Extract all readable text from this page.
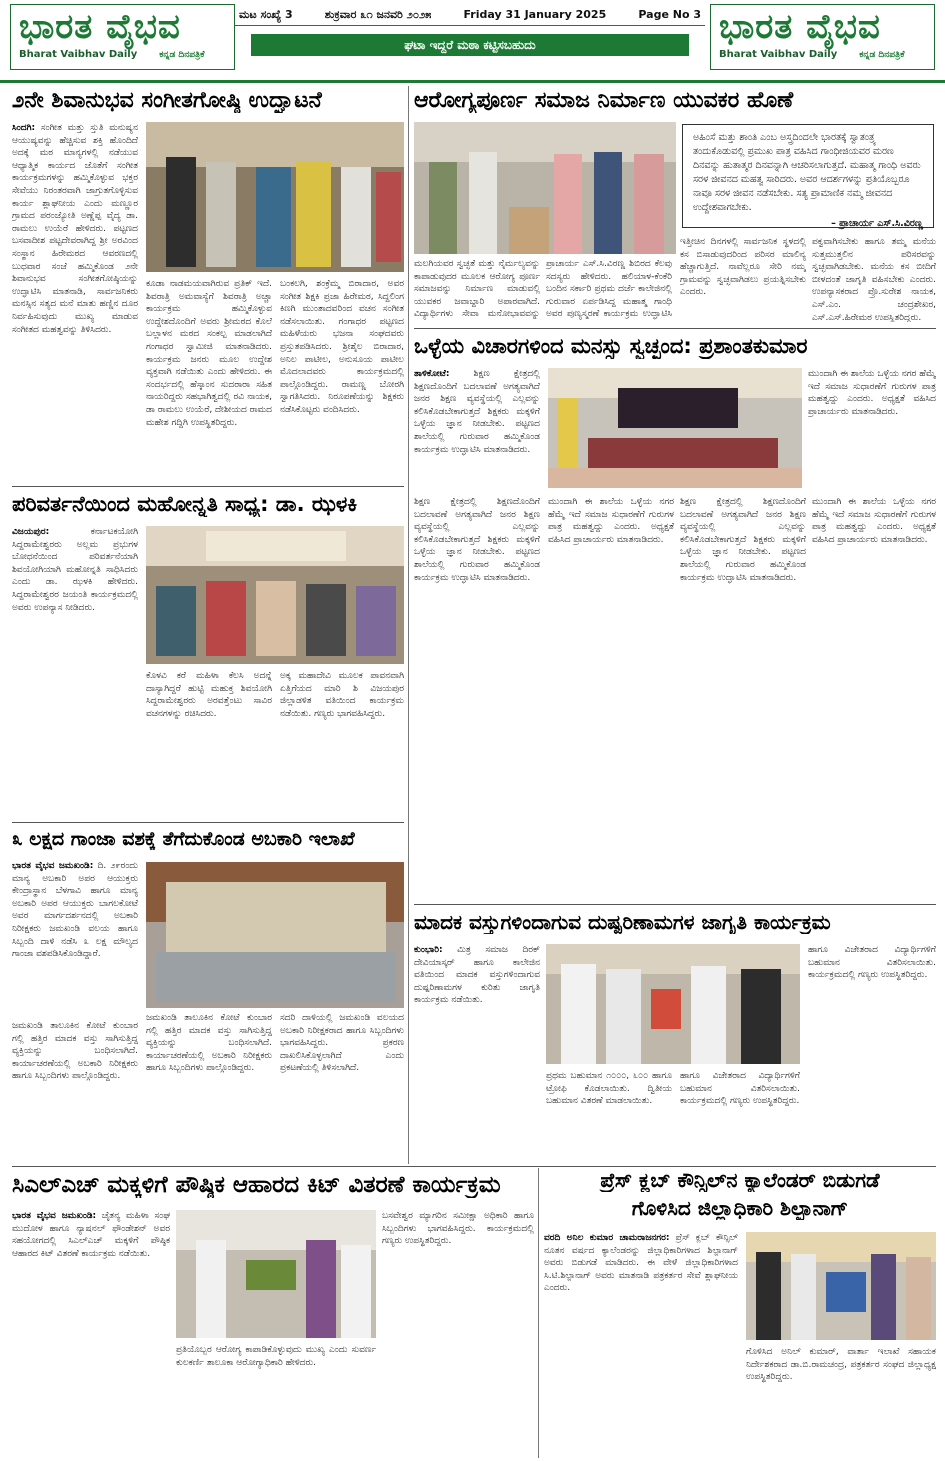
ಭಾರತ ವೈಭವ
Bharat Vaibhav Daily ಕನ್ನಡ ದಿನಪತ್ರಿಕೆ
ಮಟ ಸಂಖ್ಯೆ 3	ಶುಕ್ರವಾರ ೩೧ ಜನವರಿ ೨೦೨೫	Friday 31 January 2025	Page No 3
ಘಟಾ ಇದ್ದರೆ ಮಠಾ ಕಟ್ಟಿಸಬಹುದು	ಭಾರತ ವೈಭವ
Bharat Vaibhav Daily ಕನ್ನಡ ದಿನಪತ್ರಿಕೆ
೨ನೇ ಶಿವಾನುಭವ ಸಂಗೀತಗೋಷ್ಠಿ ಉದ್ಘಾಟನೆ
ಸಿಂದಗಿ: ಸಂಗೀತ ಮತ್ತು ಸ್ತುತಿ ಮನುಷ್ಯನ ಆಯುಷ್ಯವನ್ನು ಹೆಚ್ಚಿಸುವ ಶಕ್ತಿ ಹೊಂದಿದೆ ಅದಕ್ಕೆ ಮಠ ಮಾನ್ಯಗಳಲ್ಲಿ ನಡೆಯುವ ಆಧ್ಯಾತ್ಮಿಕ ಕಾರ್ಯದ ಜೊತೆಗೆ ಸಂಗೀತ ಕಾರ್ಯಕ್ರಮಗಳನ್ನು ಹಮ್ಮಿಕೊಳ್ಳುವ ಭಕ್ತರ ಸೇವೆಯು ನಿರಂತರವಾಗಿ ಜಾಗ್ರುತಗೊಳ್ಳಿಸುವ ಕಾರ್ಯ ಶ್ಲಾಘನೀಯ ಎಂದು ಮಣ್ಣೂರ ಗ್ರಾಮದ ಪರಂಜ್ಯೋತಿ ಅಣ್ಣೆಪ್ಪ ವೈದ್ಯ ಡಾ. ರಾಮಲು ಉಯೆರೆ ಹೇಳಿದರು. ಪಟ್ಟಣದ ಬಸವಾದೀಶ ಪಟ್ಟದೇವರಾಗಿದ್ದ ಶ್ರೀ ಅರವಿಂದ ಸಂಸ್ಥಾನ ಹಿರೇಮಠದ ಆವರಣದಲ್ಲಿ ಬುಧವಾರ ಸಂಜೆ ಹಮ್ಮಿಕೊಂಡ ೨ನೇ ಶಿವಾನುಭವ ಸಂಗೀತಗೋಷ್ಠಿಯನ್ನು ಉದ್ಘಾಟಿಸಿ ಮಾತನಾಡಿ, ಸಾರ್ವಜನಿಕರು ಮನಸ್ಸಿನ ಸತ್ಯದ ಮನೆ ಮಾತು ಹಣ್ಣಿನ ದೂರ ನಿರ್ವಹಿಸುವುದು ಮುಖ್ಯ ಮಾಡುವ ಸಂಗೀತದ ಮಹತ್ವವನ್ನು ತಿಳಿಸಿದರು.
ಕೂಡಾ ನಾಡಮಯವಾಗಿರುವ ಪ್ರತಿಕ್ ಇದೆ. ಶಿವರಾತ್ರಿ ಅಮವಾಸ್ಯೆಗೆ ಶಿವರಾತ್ರಿ ಅಚ್ಚಾ ಕಾರ್ಯಕ್ರಮ ಹಮ್ಮಿಕೊಳ್ಳುವ ಉದ್ದೇಶದೊಂದಿಗೆ ಅವರು ಶ್ರೀಮಠದ ಕೊಲೆ ಬಲ್ಲಾಳನ ಮಠದ ಸಂಕಲ್ಪ ಮಾಡಲಾಗಿದೆ ಗಂಗಾಧರ ಸ್ವಾಮೀಜಿ ಮಾತನಾಡಿದರು. ಕಾರ್ಯಕ್ರಮ ಜನರು ಮೂಲ ಉದ್ದೇಶ ವ್ಯಕ್ತವಾಗಿ ನಡೆಯಿತು ಎಂದು ಹೇಳಿದರು. ಈ ಸಂದರ್ಭದಲ್ಲಿ ಹೆಸ್ಕಾಂನ ಸುದರಾರಾ ಸಹಿತ ನಾಯರಿದ್ದರು ಸಹಭಾಗಿತ್ವದಲ್ಲಿ ರವಿ ನಾಯಕ, ಡಾ ರಾಮಲು ಉಯೆರೆ, ದೇಶೀಯದ ರಾಮದ ಮಹೇಶ ಗದ್ದಿಗಿ ಉಪಸ್ಥಿತರಿದ್ದರು.
ಬಂಕಲಗಿ, ಶಂಕ್ರೆಮ್ಮ ಬಿರಾದಾರ, ಅವರ ಸಂಗೀತ ಶಿಕ್ಷಕಿ ಪ್ರಜಾ ಹಿರೇಮಠ, ಸಿದ್ದಲಿಂಗ ಕಿಣಗಿ ಮುಂತಾದವರಿಂದ ವಚನ ಸಂಗೀತ ನಡೆಸಲಾಯಿತು. ಗಂಗಾಧರ ಪಟ್ಟಣದ ಮಹಿಳೆಯರು ಭಜನಾ ಸಂಘದವರು ಪ್ರಸ್ತುತಪಡಿಸಿದರು. ಶ್ರೀಶೈಲ ಬಿರಾದಾರ, ಅನಿಲ ಪಾಟೀಲ, ಅನುಸೂಯ ಪಾಟೀಲ ಮೊದಲಾದವರು ಕಾರ್ಯಕ್ರಮದಲ್ಲಿ ಪಾಲ್ಗೊಂಡಿದ್ದರು. ರಾಮಣ್ಣ ಬೋರಗಿ ಸ್ವಾಗತಿಸಿದರು. ನಿರೂಪಣೆಯನ್ನು ಶಿಕ್ಷಕರು ನಡೆಸಿಕೊಟ್ಟರು ವಂದಿಸಿದರು.
ಆರೋಗ್ಯಪೂರ್ಣ ಸಮಾಜ ನಿರ್ಮಾಣ ಯುವಕರ ಹೊಣೆ
ಅಹಿಂಸೆ ಮತ್ತು ಶಾಂತಿ ಎಂಬ ಅಸ್ತ್ರದಿಂದಲೇ ಭಾರತಕ್ಕೆ ಸ್ವಾತಂತ್ರ್ಯ ತಂದುಕೊಡುವಲ್ಲಿ ಪ್ರಮುಖ ಪಾತ್ರ ವಹಿಸಿದ ಗಾಂಧೀಜಿಯವರ ಮರಣ ದಿನವನ್ನು ಹುತಾತ್ಮರ ದಿನವನ್ನಾಗಿ ಆಚರಿಸಲಾಗುತ್ತದೆ. ಮಹಾತ್ಮ ಗಾಂಧಿ ಅವರು ಸರಳ ಜೀವನದ ಮಹತ್ವ ಸಾರಿದರು. ಅವರ ಆದರ್ಶಗಳನ್ನು ಪ್ರತಿಯೊಬ್ಬರೂ ನಾವೂ ಸರಳ ಜೀವನ ನಡೆಸಬೇಕು. ಸತ್ಯ ಪ್ರಾಮಾಣಿಕ ನಮ್ಮ ಜೀವನದ ಉದ್ದೇಶವಾಗಬೇಕು.
– ಪ್ರಾಚಾರ್ಯ ಎಸ್.ಸಿ.ವಿರಣ್ಣ
ಮಲಗಿಯವರ ಸ್ವಚ್ಛತೆ ಮತ್ತು ನೈರ್ಮಲ್ಯವನ್ನು ಕಾಪಾಡುವುದರ ಮೂಲಕ ಆರೋಗ್ಯ ಪೂರ್ಣ ಸಮಾಜವನ್ನು ನಿರ್ಮಾಣ ಮಾಡುವಲ್ಲಿ ಯುವಕರ ಜವಾಬ್ದಾರಿ ಅಪಾರವಾಗಿದೆ. ವಿದ್ಯಾರ್ಥಿಗಳು ಸೇವಾ ಮನೋಭಾವವನ್ನು
ಪ್ರಾಚಾರ್ಯ ಎಸ್.ಸಿ.ವಿರಣ್ಣ ಶಿಬಿರದ ಕೆಲವು ಸದಸ್ಯರು ಹೇಳಿದರು. ಹಲಿಯಾಳ-ಕೆಂಕೆರಿ ಬಂದಿನ ಸರ್ಕಾರಿ ಪ್ರಥಮ ದರ್ಜೆ ಕಾಲೇಜಿನಲ್ಲಿ ಗುರುವಾರ ಏರ್ಪಡಿಸಿದ್ದ ಮಹಾತ್ಮ ಗಾಂಧಿ ಅವರ ಪುಣ್ಯಸ್ಮರಣೆ ಕಾರ್ಯಕ್ರಮ ಉದ್ಘಾಟಿಸಿ
ಇತ್ತೀಚಿನ ದಿನಗಳಲ್ಲಿ ಸಾರ್ವಜನಿಕ ಸ್ಥಳದಲ್ಲಿ ಕಸ ಬಿಸಾಡುವುದರಿಂದ ಪರಿಸರ ಮಾಲಿನ್ಯ ಹೆಚ್ಚಾಗುತ್ತಿದೆ. ನಾವೆಲ್ಲರೂ ಸೇರಿ ನಮ್ಮ ಗ್ರಾಮವನ್ನು ಸ್ವಚ್ಛವಾಗಿಡಲು ಪ್ರಯತ್ನಿಸಬೇಕು ಎಂದರು.
ಪಕ್ವವಾಗಿಸಬೇಕು ಹಾಗೂ ತಮ್ಮ ಮನೆಯ ಸುತ್ತಮುತ್ತಲಿನ ಪರಿಸರವನ್ನು ಸ್ವಚ್ಛವಾಗಿಡಬೇಕು. ಮನೆಯ ಕಸ ಬೀದಿಗೆ ಬೀಳದಂತೆ ಜಾಗೃತಿ ವಹಿಸಬೇಕು ಎಂದರು. ಉಪನ್ಯಾಸಕರಾದ ಪ್ರೊ.ಸುರೇಶ ನಾಯಕ, ಎಸ್.ಎಂ. ಚಂದ್ರಶೇಖರ, ಎಸ್.ಎಸ್.ಹಿರೇಮಠ ಉಪಸ್ಥಿತರಿದ್ದರು.
ಒಳ್ಳೆಯ ವಿಚಾರಗಳಿಂದ ಮನಸ್ಸು ಸ್ವಚ್ಛಂದ: ಪ್ರಶಾಂತಕುಮಾರ
ತಾಳಿಕೋಟೆ:	ಶಿಕ್ಷಣ ಕ್ಷೇತ್ರದಲ್ಲಿ ಶಿಕ್ಷಣದೊಂದಿಗೆ ಬದಲಾವಣೆ ಅಗತ್ಯವಾಗಿದೆ ಜನರ ಶಿಕ್ಷಣ ವ್ಯವಸ್ಥೆಯಲ್ಲಿ ಎಲ್ಲವನ್ನು ಕಲಿಸಿಕೊಡಬೇಕಾಗುತ್ತದೆ ಶಿಕ್ಷಕರು ಮಕ್ಕಳಿಗೆ ಒಳ್ಳೆಯ ಜ್ಞಾನ ನೀಡಬೇಕು. ಪಟ್ಟಣದ ಶಾಲೆಯಲ್ಲಿ ಗುರುವಾರ ಹಮ್ಮಿಕೊಂಡ ಕಾರ್ಯಕ್ರಮ ಉದ್ಘಾಟಿಸಿ ಮಾತನಾಡಿದರು.
ಮುಂದಾಗಿ ಈ ಶಾಲೆಯ ಒಳ್ಳೆಯ ನಗರ ಹೆಮ್ಮೆ ಇದೆ ಸಮಾಜ ಸುಧಾರಣೆಗೆ ಗುರುಗಳ ಪಾತ್ರ ಮಹತ್ವದ್ದು ಎಂದರು. ಅಧ್ಯಕ್ಷತೆ ವಹಿಸಿದ ಪ್ರಾಚಾರ್ಯರು ಮಾತನಾಡಿದರು.
ಶಿಕ್ಷಣ ಕ್ಷೇತ್ರದಲ್ಲಿ ಶಿಕ್ಷಣದೊಂದಿಗೆ ಬದಲಾವಣೆ ಅಗತ್ಯವಾಗಿದೆ ಜನರ ಶಿಕ್ಷಣ ವ್ಯವಸ್ಥೆಯಲ್ಲಿ ಎಲ್ಲವನ್ನು ಕಲಿಸಿಕೊಡಬೇಕಾಗುತ್ತದೆ ಶಿಕ್ಷಕರು ಮಕ್ಕಳಿಗೆ ಒಳ್ಳೆಯ ಜ್ಞಾನ ನೀಡಬೇಕು. ಪಟ್ಟಣದ ಶಾಲೆಯಲ್ಲಿ ಗುರುವಾರ ಹಮ್ಮಿಕೊಂಡ ಕಾರ್ಯಕ್ರಮ ಉದ್ಘಾಟಿಸಿ ಮಾತನಾಡಿದರು.
ಮುಂದಾಗಿ ಈ ಶಾಲೆಯ ಒಳ್ಳೆಯ ನಗರ ಹೆಮ್ಮೆ ಇದೆ ಸಮಾಜ ಸುಧಾರಣೆಗೆ ಗುರುಗಳ ಪಾತ್ರ ಮಹತ್ವದ್ದು ಎಂದರು. ಅಧ್ಯಕ್ಷತೆ ವಹಿಸಿದ ಪ್ರಾಚಾರ್ಯರು ಮಾತನಾಡಿದರು.
ಶಿಕ್ಷಣ ಕ್ಷೇತ್ರದಲ್ಲಿ ಶಿಕ್ಷಣದೊಂದಿಗೆ ಬದಲಾವಣೆ ಅಗತ್ಯವಾಗಿದೆ ಜನರ ಶಿಕ್ಷಣ ವ್ಯವಸ್ಥೆಯಲ್ಲಿ ಎಲ್ಲವನ್ನು ಕಲಿಸಿಕೊಡಬೇಕಾಗುತ್ತದೆ ಶಿಕ್ಷಕರು ಮಕ್ಕಳಿಗೆ ಒಳ್ಳೆಯ ಜ್ಞಾನ ನೀಡಬೇಕು. ಪಟ್ಟಣದ ಶಾಲೆಯಲ್ಲಿ ಗುರುವಾರ ಹಮ್ಮಿಕೊಂಡ ಕಾರ್ಯಕ್ರಮ ಉದ್ಘಾಟಿಸಿ ಮಾತನಾಡಿದರು.
ಮುಂದಾಗಿ ಈ ಶಾಲೆಯ ಒಳ್ಳೆಯ ನಗರ ಹೆಮ್ಮೆ ಇದೆ ಸಮಾಜ ಸುಧಾರಣೆಗೆ ಗುರುಗಳ ಪಾತ್ರ ಮಹತ್ವದ್ದು ಎಂದರು. ಅಧ್ಯಕ್ಷತೆ ವಹಿಸಿದ ಪ್ರಾಚಾರ್ಯರು ಮಾತನಾಡಿದರು.
ಪರಿವರ್ತನೆಯಿಂದ ಮಹೋನ್ನತಿ ಸಾಧ್ಯ: ಡಾ. ಝಳಕಿ
ವಿಜಯಪುರ:	ಕರ್ನಾಟಕಯೋಗಿ ಸಿದ್ದರಾಮೇಶ್ವರರು ಅಲ್ಲಮ ಪ್ರಭುಗಳ ಬೋಧನೆಯಿಂದ ಪರಿವರ್ತನೆಯಾಗಿ ಶಿವಯೋಗಿಯಾಗಿ ಮಹೋನ್ನತಿ ಸಾಧಿಸಿದರು ಎಂದು ಡಾ. ಝಳಕಿ ಹೇಳಿದರು. ಸಿದ್ದರಾಮೇಶ್ವರರ ಜಯಂತಿ ಕಾರ್ಯಕ್ರಮದಲ್ಲಿ ಅವರು ಉಪನ್ಯಾಸ ನೀಡಿದರು.
ಕೊಳವಿ ಕರೆ ಮಹಿಳಾ ಕೆಲಸಿ ಅದನ್ನೆ ದಾಸ್ಯಾಗಿದ್ದರೆ ಹುಟ್ಟಿ ಮಹುಕ್ತ ಶಿವಯೋಗಿ ಸಿದ್ದರಾಮೇಶ್ವರರು ಅರವತ್ತೆಂಟು ಸಾವಿರ ವಚನಗಳನ್ನು ರಚಿಸಿದರು.
ಅಕ್ಕ ಮಹಾದೇವಿ ಮೂಲಕ ಪಾವನವಾಗಿ ಏತ್ತಿಗೆಯದ ಮಾರಿ ಶಿ ವಿಜಯಪುರ ಜಿಲ್ಲಾಡಳಿತ ವತಿಯಿಂದ ಕಾರ್ಯಕ್ರಮ ನಡೆಯಿತು. ಗಣ್ಯರು ಭಾಗವಹಿಸಿದ್ದರು.
೩ ಲಕ್ಷದ ಗಾಂಜಾ ವಶಕ್ಕೆ ತೆಗೆದುಕೊಂಡ ಅಬಕಾರಿ ಇಲಾಖೆ
ಭಾರತ ವೈಭವ ಜಮಖಂಡಿ: ದಿ. ೨೯ರಂದು ಮಾನ್ಯ ಅಬಕಾರಿ ಅಪರ ಆಯುಕ್ತರು ಕೇಂದ್ರಾಸ್ಥಾನ ಬೆಳಗಾವಿ ಹಾಗೂ ಮಾನ್ಯ ಅಬಕಾರಿ ಅಪರ ಆಯುಕ್ತರು ಬಾಗಲಕೋಟೆ ಅವರ ಮಾರ್ಗದರ್ಶನದಲ್ಲಿ ಅಬಕಾರಿ ನಿರೀಕ್ಷಕರು ಜಮಖಂಡಿ ವಲಯ ಹಾಗೂ ಸಿಬ್ಬಂದಿ ದಾಳಿ ನಡೆಸಿ ೩ ಲಕ್ಷ ಮೌಲ್ಯದ ಗಾಂಜಾ ವಶಪಡಿಸಿಕೊಂಡಿದ್ದಾರೆ.
ಜಮಖಂಡಿ ತಾಲೂಕಿನ ಕೋಟೆ ಕುಂಬಾರ ಗಲ್ಲಿ ಹತ್ತಿರ ಮಾದಕ ವಸ್ತು ಸಾಗಿಸುತ್ತಿದ್ದ ವ್ಯಕ್ತಿಯನ್ನು ಬಂಧಿಸಲಾಗಿದೆ. ಕಾರ್ಯಾಚರಣೆಯಲ್ಲಿ ಅಬಕಾರಿ ನಿರೀಕ್ಷಕರು ಹಾಗೂ ಸಿಬ್ಬಂದಿಗಳು ಪಾಲ್ಗೊಂಡಿದ್ದರು.
ಜಮಖಂಡಿ ತಾಲೂಕಿನ ಕೋಟೆ ಕುಂಬಾರ ಗಲ್ಲಿ ಹತ್ತಿರ ಮಾದಕ ವಸ್ತು ಸಾಗಿಸುತ್ತಿದ್ದ ವ್ಯಕ್ತಿಯನ್ನು ಬಂಧಿಸಲಾಗಿದೆ. ಕಾರ್ಯಾಚರಣೆಯಲ್ಲಿ ಅಬಕಾರಿ ನಿರೀಕ್ಷಕರು ಹಾಗೂ ಸಿಬ್ಬಂದಿಗಳು ಪಾಲ್ಗೊಂಡಿದ್ದರು.
ಸದರಿ ದಾಳಿಯಲ್ಲಿ ಜಮಖಂಡಿ ವಲಯದ ಅಬಕಾರಿ ನಿರೀಕ್ಷಕರಾದ ಹಾಗೂ ಸಿಬ್ಬಂದಿಗಳು ಭಾಗವಹಿಸಿದ್ದರು. ಪ್ರಕರಣ ದಾಖಲಿಸಿಕೊಳ್ಳಲಾಗಿದೆ ಎಂದು ಪ್ರಕಟಣೆಯಲ್ಲಿ ತಿಳಿಸಲಾಗಿದೆ.
ಮಾದಕ ವಸ್ತುಗಳಿಂದಾಗುವ ದುಷ್ಪರಿಣಾಮಗಳ ಜಾಗೃತಿ ಕಾರ್ಯಕ್ರಮ
ಕುಂಭಾರಿ: ಮಿತ್ರ ಸಮಾಜ ದಿರಕ್ ದೇವಿಯಾಸ್ಕರ್ ಹಾಗೂ ಕಾಲೇಜಿನ ವತಿಯಿಂದ ಮಾದಕ ವಸ್ತುಗಳಿಂದಾಗುವ ದುಷ್ಪರಿಣಾಮಗಳ ಕುರಿತು ಜಾಗೃತಿ ಕಾರ್ಯಕ್ರಮ ನಡೆಯಿತು.
ಹಾಗೂ ವಿಜೇತರಾದ ವಿದ್ಯಾರ್ಥಿಗಳಿಗೆ ಬಹುಮಾನ ವಿತರಿಸಲಾಯಿತು. ಕಾರ್ಯಕ್ರಮದಲ್ಲಿ ಗಣ್ಯರು ಉಪಸ್ಥಿತರಿದ್ದರು.
ಪ್ರಥಮ ಬಹುಮಾನ ೧೦೦೦, ೬೦೦ ಹಾಗೂ ಟ್ರೋಫಿ ಕೊಡಲಾಯಿತು. ದ್ವಿತೀಯ ಬಹುಮಾನ ವಿತರಣೆ ಮಾಡಲಾಯಿತು.
ಹಾಗೂ ವಿಜೇತರಾದ ವಿದ್ಯಾರ್ಥಿಗಳಿಗೆ ಬಹುಮಾನ ವಿತರಿಸಲಾಯಿತು. ಕಾರ್ಯಕ್ರಮದಲ್ಲಿ ಗಣ್ಯರು ಉಪಸ್ಥಿತರಿದ್ದರು.
ಸಿಎಲ್‌ಎಚ್ ಮಕ್ಕಳಿಗೆ ಪೌಷ್ಠಿಕ ಆಹಾರದ ಕಿಟ್ ವಿತರಣೆ ಕಾರ್ಯಕ್ರಮ
ಭಾರತ ವೈಭವ ಜಮಖಂಡಿ: ಚೈತನ್ಯ ಮಹಿಳಾ ಸಂಘ ಮುದೋಳ ಹಾಗೂ ನ್ಯಾಷನಲ್ ಫೌಂಡೇಶನ್ ಅವರ ಸಹಯೋಗದಲ್ಲಿ ಸಿಎಲ್‌ಎಚ್ ಮಕ್ಕಳಿಗೆ ಪೌಷ್ಠಿಕ ಆಹಾರದ ಕಿಟ್ ವಿತರಣೆ ಕಾರ್ಯಕ್ರಮ ನಡೆಯಿತು.
ಪ್ರತಿಯೊಬ್ಬರ ಆರೋಗ್ಯ ಕಾಪಾಡಿಕೊಳ್ಳುವುದು ಮುಖ್ಯ ಎಂದು ಸುವರ್ಣ ಕುಲಕರ್ಣಿ ತಾಲೂಕಾ ಆರೋಗ್ಯಾಧಿಕಾರಿ ಹೇಳಿದರು.
ಬಸವೇಶ್ವರ ಮ್ಯಾಗರಿನ ಸಮೀಕ್ಷಾ ಅಧಿಕಾರಿ ಹಾಗೂ ಸಿಬ್ಬಂದಿಗಳು ಭಾಗವಹಿಸಿದ್ದರು. ಕಾರ್ಯಕ್ರಮದಲ್ಲಿ ಗಣ್ಯರು ಉಪಸ್ಥಿತರಿದ್ದರು.
ಪ್ರೆಸ್ ಕ್ಲಬ್ ಕೌನ್ಸಿಲ್‌ನ ಕ್ಯಾಲೆಂಡರ್ ಬಿಡುಗಡೆ
ಗೊಳಿಸಿದ ಜಿಲ್ಲಾಧಿಕಾರಿ ಶಿಲ್ಪಾನಾಗ್
ವರದಿ ಅನಿಲ ಕುಮಾರ ಚಾಮರಾಜನಗರ: ಪ್ರೆಸ್ ಕ್ಲಬ್ ಕೌನ್ಸಿಲ್ ನೂತನ ವರ್ಷದ ಕ್ಯಾಲೆಂಡರನ್ನು ಜಿಲ್ಲಾಧಿಕಾರಿಗಳಾದ ಶಿಲ್ಪಾನಾಗ್ ಅವರು ಬಿಡುಗಡೆ ಮಾಡಿದರು. ಈ ವೇಳೆ ಜಿಲ್ಲಾಧಿಕಾರಿಗಳಾದ ಸಿ.ಟಿ.ಶಿಲ್ಪಾನಾಗ್ ಅವರು ಮಾತನಾಡಿ ಪತ್ರಕರ್ತರ ಸೇವೆ ಶ್ಲಾಘನೀಯ ಎಂದರು.
ಗೊಳಿಸಿದ ಅನಿಲ್ ಕುಮಾರ್, ವಾರ್ತಾ ಇಲಾಖೆ ಸಹಾಯಕ ನಿರ್ದೇಶಕರಾದ ಡಾ.ಬಿ.ರಾಮಚಂದ್ರ, ಪತ್ರಕರ್ತರ ಸಂಘದ ಜಿಲ್ಲಾಧ್ಯಕ್ಷ ಉಪಸ್ಥಿತರಿದ್ದರು.
